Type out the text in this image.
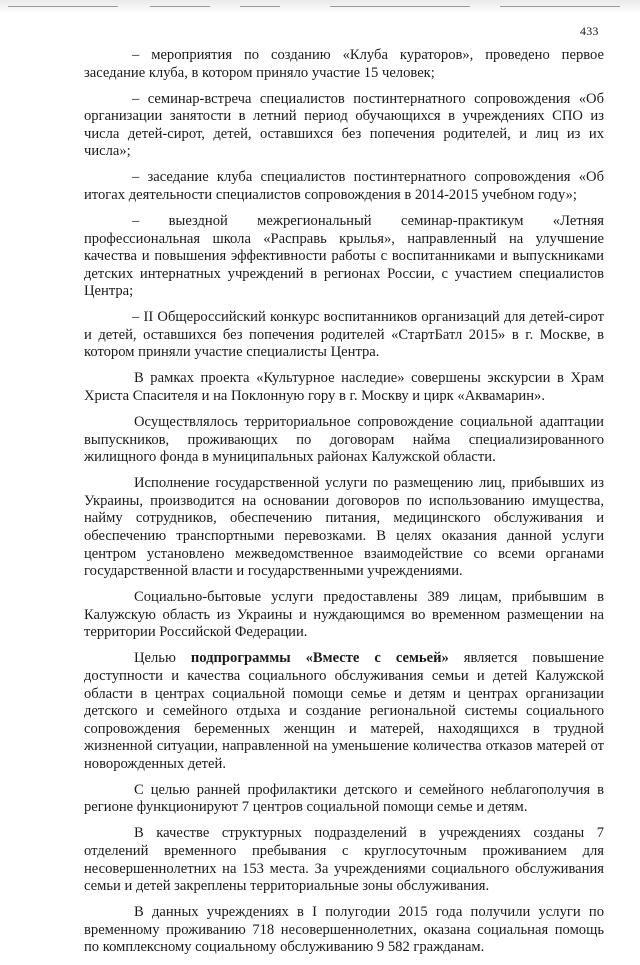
433

– мероприятия по созданию «Клуба кураторов», проведено первое заседание клуба, в котором приняло участие 15 человек;

– семинар-встреча специалистов постинтернатного сопровождения «Об организации занятости в летний период обучающихся в учреждениях СПО из числа детей-сирот, детей, оставшихся без попечения родителей, и лиц из их числа»;

– заседание клуба специалистов постинтернатного сопровождения «Об итогах деятельности специалистов сопровождения в 2014-2015 учебном году»;

– выездной межрегиональный семинар-практикум «Летняя профессиональная школа «Расправь крылья», направленный на улучшение качества и повышения эффективности работы с воспитанниками и выпускниками детских интернатных учреждений в регионах России, с участием специалистов Центра;

– II Общероссийский конкурс воспитанников организаций для детей-сирот и детей, оставшихся без попечения родителей «СтартБатл 2015» в г. Москве, в котором приняли участие специалисты Центра.

В рамках проекта «Культурное наследие» совершены экскурсии в Храм Христа Спасителя и на Поклонную гору в г. Москву и цирк «Аквамарин».

Осуществлялось территориальное сопровождение социальной адаптации выпускников, проживающих по договорам найма специализированного жилищного фонда в муниципальных районах Калужской области.

Исполнение государственной услуги по размещению лиц, прибывших из Украины, производится на основании договоров по использованию имущества, найму сотрудников, обеспечению питания, медицинского обслуживания и обеспечению транспортными перевозками. В целях оказания данной услуги центром установлено межведомственное взаимодействие со всеми органами государственной власти и государственными учреждениями.

Социально-бытовые услуги предоставлены 389 лицам, прибывшим в Калужскую область из Украины и нуждающимся во временном размещении на территории Российской Федерации.

Целью подпрограммы «Вместе с семьей» является повышение доступности и качества социального обслуживания семьи и детей Калужской области в центрах социальной помощи семье и детям и центрах организации детского и семейного отдыха и создание региональной системы социального сопровождения беременных женщин и матерей, находящихся в трудной жизненной ситуации, направленной на уменьшение количества отказов матерей от новорожденных детей.

С целью ранней профилактики детского и семейного неблагополучия в регионе функционируют 7 центров социальной помощи семье и детям.

В качестве структурных подразделений в учреждениях созданы 7 отделений временного пребывания с круглосуточным проживанием для несовершеннолетних на 153 места. За учреждениями социального обслуживания семьи и детей закреплены территориальные зоны обслуживания.

В данных учреждениях в I полугодии 2015 года получили услуги по временному проживанию 718 несовершеннолетних, оказана социальная помощь по комплексному социальному обслуживанию 9 582 гражданам.
